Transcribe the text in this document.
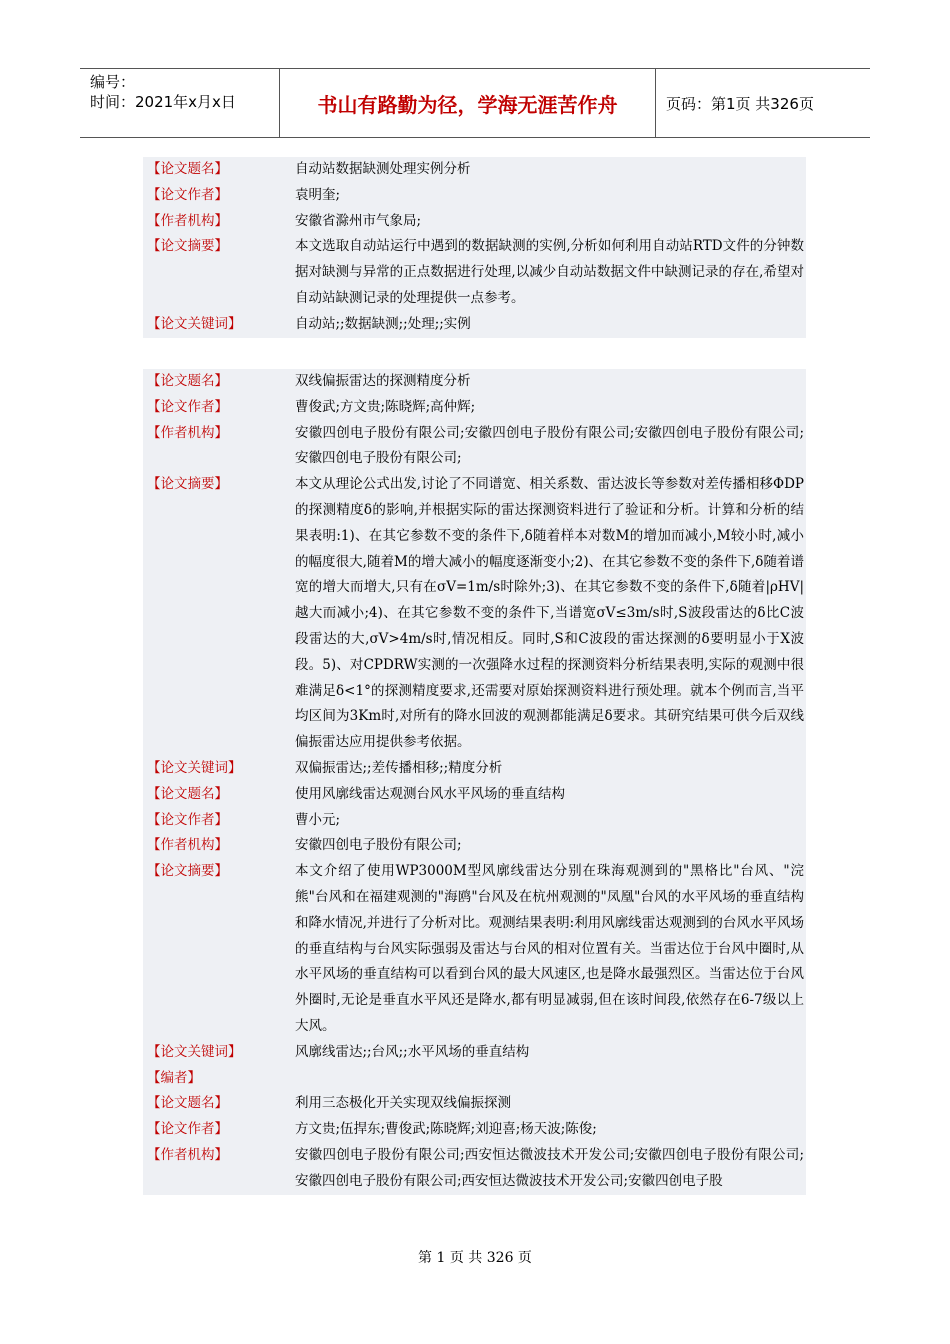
编号：
时间：2021年x月x日	书山有路勤为径，学海无涯苦作舟	页码：第1页 共326页
【论文题名】	自动站数据缺测处理实例分析
【论文作者】	袁明奎;
【作者机构】	安徽省滁州市气象局;
【论文摘要】	本文选取自动站运行中遇到的数据缺测的实例,分析如何利用自动站RTD文件的分钟数据对缺测与异常的正点数据进行处理,以减少自动站数据文件中缺测记录的存在,希望对自动站缺测记录的处理提供一点参考。
【论文关键词】	自动站;;数据缺测;;处理;;实例
【论文题名】	双线偏振雷达的探测精度分析
【论文作者】	曹俊武;方文贵;陈晓辉;高仲辉;
【作者机构】	安徽四创电子股份有限公司;安徽四创电子股份有限公司;安徽四创电子股份有限公司;安徽四创电子股份有限公司;
【论文摘要】	本文从理论公式出发,讨论了不同谱宽、相关系数、雷达波长等参数对差传播相移ΦDP的探测精度δ的影响,并根据实际的雷达探测资料进行了验证和分析。计算和分析的结果表明:1)、在其它参数不变的条件下,δ随着样本对数M的增加而减小,M较小时,减小的幅度很大,随着M的增大减小的幅度逐渐变小;2)、在其它参数不变的条件下,δ随着谱宽的增大而增大,只有在σV=1m/s时除外;3)、在其它参数不变的条件下,δ随着|ρHV|越大而减小;4)、在其它参数不变的条件下,当谱宽σV≤3m/s时,S波段雷达的δ比C波段雷达的大,σV>4m/s时,情况相反。同时,S和C波段的雷达探测的δ要明显小于X波段。5)、对CPDRW实测的一次强降水过程的探测资料分析结果表明,实际的观测中很难满足δ<1°的探测精度要求,还需要对原始探测资料进行预处理。就本个例而言,当平均区间为3Km时,对所有的降水回波的观测都能满足δ要求。其研究结果可供今后双线偏振雷达应用提供参考依据。
【论文关键词】	双偏振雷达;;差传播相移;;精度分析
【论文题名】	使用风廓线雷达观测台风水平风场的垂直结构
【论文作者】	曹小元;
【作者机构】	安徽四创电子股份有限公司;
【论文摘要】	本文介绍了使用WP3000M型风廓线雷达分别在珠海观测到的"黑格比"台风、"浣熊"台风和在福建观测的"海鸥"台风及在杭州观测的"凤凰"台风的水平风场的垂直结构和降水情况,并进行了分析对比。观测结果表明:利用风廓线雷达观测到的台风水平风场的垂直结构与台风实际强弱及雷达与台风的相对位置有关。当雷达位于台风中圈时,从水平风场的垂直结构可以看到台风的最大风速区,也是降水最强烈区。当雷达位于台风外圈时,无论是垂直水平风还是降水,都有明显减弱,但在该时间段,依然存在6-7级以上大风。
【论文关键词】	风廓线雷达;;台风;;水平风场的垂直结构
【编者】
【论文题名】	利用三态极化开关实现双线偏振探测
【论文作者】	方文贵;伍捍东;曹俊武;陈晓辉;刘迎喜;杨天波;陈俊;
【作者机构】	安徽四创电子股份有限公司;西安恒达微波技术开发公司;安徽四创电子股份有限公司;安徽四创电子股份有限公司;西安恒达微波技术开发公司;安徽四创电子股
第 1 页 共 326 页
